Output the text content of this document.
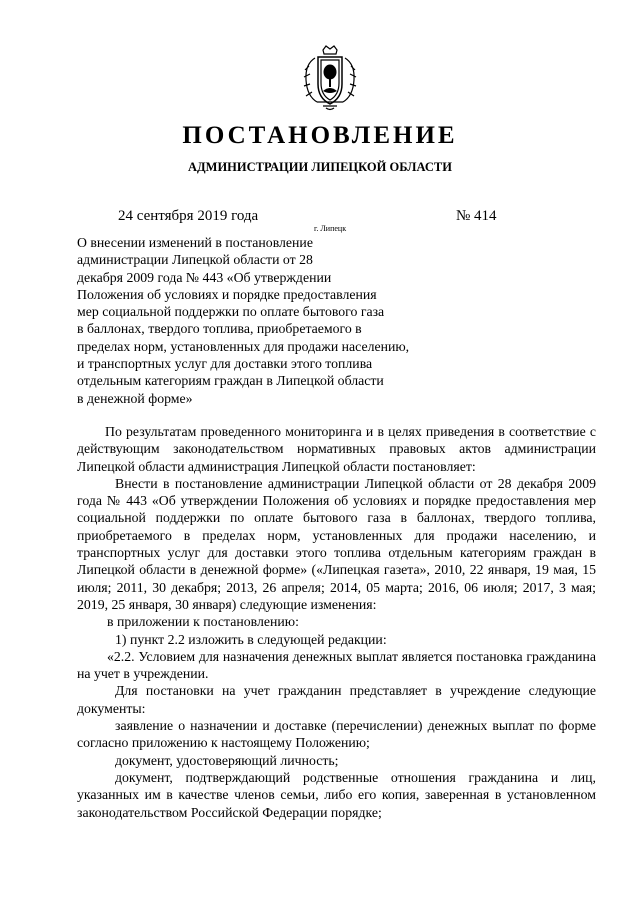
ПОСТАНОВЛЕНИЕ
АДМИНИСТРАЦИИ ЛИПЕЦКОЙ ОБЛАСТИ
24 сентября 2019 года
г. Липецк
№ 414
О внесении изменений в постановление
администрации Липецкой области от 28
декабря 2009 года № 443 «Об утверждении
Положения об условиях и порядке предоставления
мер социальной поддержки по оплате бытового газа
в баллонах, твердого топлива, приобретаемого в
пределах норм, установленных для продажи населению,
и транспортных услуг для доставки этого топлива
отдельным категориям граждан в Липецкой области
в денежной форме»

По результатам проведенного мониторинга и в целях приведения в соответствие с действующим законодательством нормативных правовых актов администрации Липецкой области администрация Липецкой области постановляет:

Внести в постановление администрации Липецкой области от 28 декабря 2009 года № 443 «Об утверждении Положения об условиях и порядке предоставления мер социальной поддержки по оплате бытового газа в баллонах, твердого топлива, приобретаемого в пределах норм, установленных для продажи населению, и транспортных услуг для доставки этого топлива отдельным категориям граждан в Липецкой области в денежной форме» («Липецкая газета», 2010, 22 января, 19 мая, 15 июля; 2011, 30 декабря; 2013, 26 апреля; 2014, 05 марта; 2016, 06 июля; 2017, 3 мая; 2019, 25 января, 30 января) следующие изменения:

в приложении к постановлению:

1) пункт 2.2 изложить в следующей редакции:

«2.2. Условием для назначения денежных выплат является постановка гражданина на учет в учреждении.

Для постановки на учет гражданин представляет в учреждение следующие документы:

заявление о назначении и доставке (перечислении) денежных выплат по форме согласно приложению к настоящему Положению;

документ, удостоверяющий личность;

документ, подтверждающий родственные отношения гражданина и лиц, указанных им в качестве членов семьи, либо его копия, заверенная в установленном законодательством Российской Федерации порядке;
